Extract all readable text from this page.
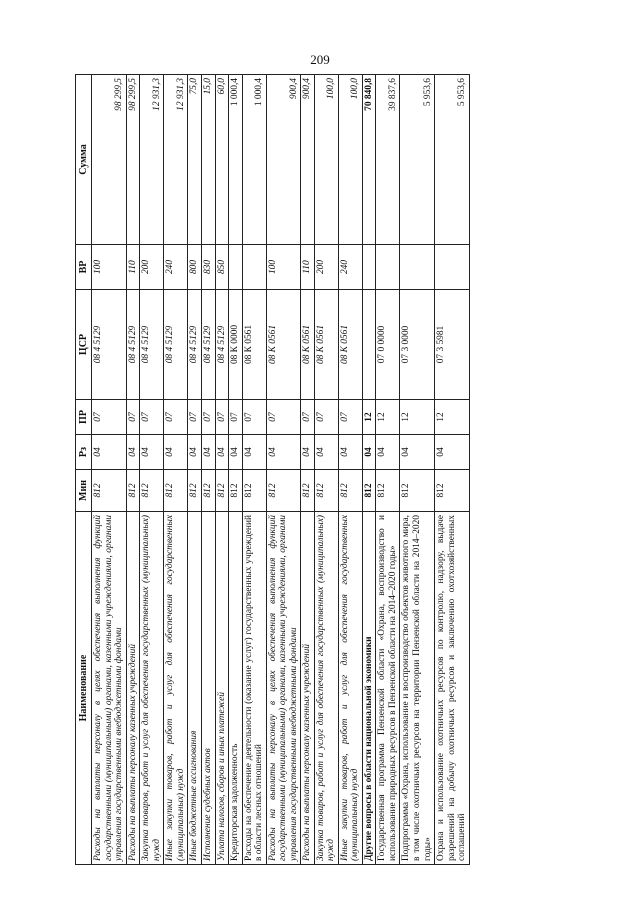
209
Наименование	Мин	Рз	ПР	ЦСР	ВР	Сумма
Расходы на выплаты персоналу в целях обеспечения выполнения функций государственными (муниципальными) органами, казенными учреждениями, органами управления государственными внебюджетными фондами	812	04	07	08 4 5129	100	98 299,5
Расходы на выплаты персоналу казенных учреждений	812	04	07	08 4 5129	110	98 299,5
Закупка товаров, работ и услуг для обеспечения государственных (муниципальных) нужд	812	04	07	08 4 5129	200	12 931,3
Иные закупки товаров, работ и услуг для обеспечения государственных (муниципальных) нужд	812	04	07	08 4 5129	240	12 931,3
Иные бюджетные ассигнования	812	04	07	08 4 5129	800	75,0
Исполнение судебных актов	812	04	07	08 4 5129	830	15,0
Уплата налогов, сборов и иных платежей	812	04	07	08 4 5129	850	60,0
Кредиторская задолженность	812	04	07	08 К 0000		1 000,4
Расходы на обеспечение деятельности (оказание услуг) государственных учреждений в области лесных отношений	812	04	07	08 К 0561		1 000,4
Расходы на выплаты персоналу в целях обеспечения выполнения функций государственными (муниципальными) органами, казенными учреждениями, органами управления государственными внебюджетными фондами	812	04	07	08 К 0561	100	900,4
Расходы на выплаты персоналу казенных учреждений	812	04	07	08 К 0561	110	900,4
Закупка товаров, работ и услуг для обеспечения государственных (муниципальных) нужд	812	04	07	08 К 0561	200	100,0
Иные закупки товаров, работ и услуг для обеспечения государственных (муниципальных) нужд	812	04	07	08 К 0561	240	100,0
Другие вопросы в области национальной экономики	812	04	12			70 840,8
Государственная программа Пензенской области «Охрана, воспроизводство и использование природных ресурсов в Пензенской области на 2014–2020 годы»	812	04	12	07 0 0000		39 837,6
Подпрограмма «Охрана, использование и воспроизводство объектов животного мира, в том числе охотничьих ресурсов на территории Пензенской области на 2014–2020 годы»	812	04	12	07 3 0000		5 953,6
Охрана и использование охотничьих ресурсов по контролю, надзору, выдаче разрешений на добычу охотничьих ресурсов и заключению охотхозяйственных соглашений	812	04	12	07 3 5981		5 953,6
